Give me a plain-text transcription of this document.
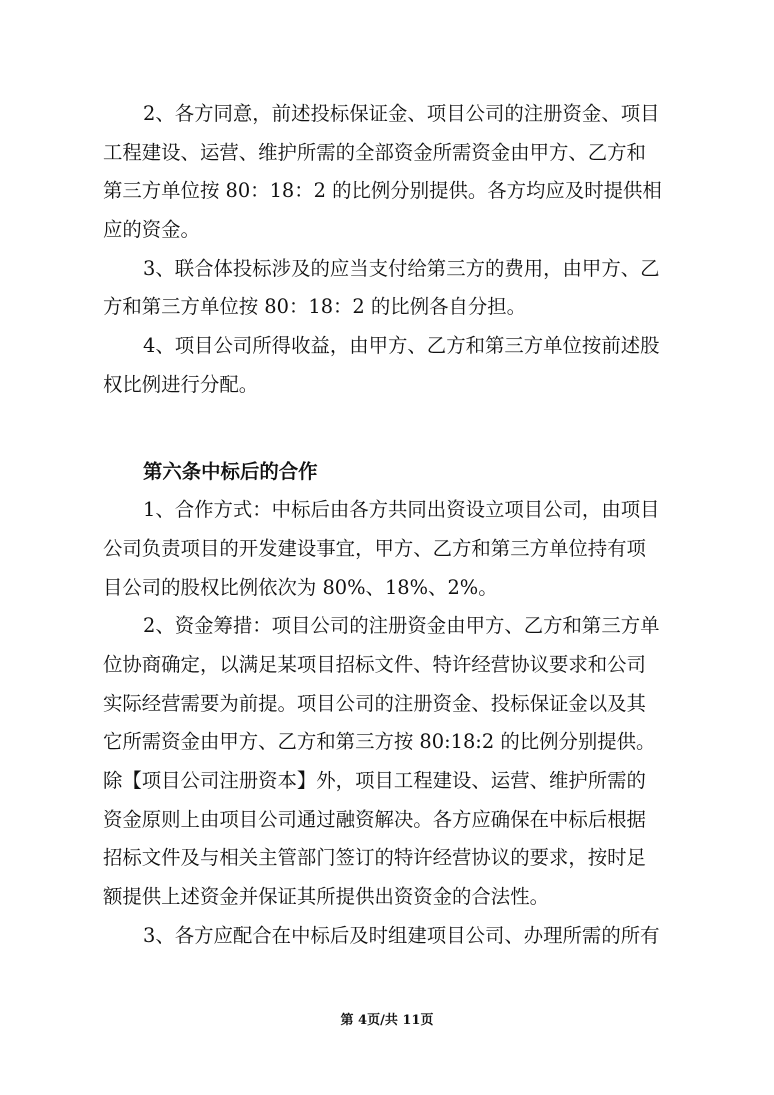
2、各方同意，前述投标保证金、项目公司的注册资金、项目
工程建设、运营、维护所需的全部资金所需资金由甲方、乙方和
第三方单位按 80：18：2 的比例分别提供。各方均应及时提供相
应的资金。
3、联合体投标涉及的应当支付给第三方的费用，由甲方、乙
方和第三方单位按 80：18：2 的比例各自分担。
4、项目公司所得收益，由甲方、乙方和第三方单位按前述股
权比例进行分配。
第六条中标后的合作
1、合作方式：中标后由各方共同出资设立项目公司，由项目
公司负责项目的开发建设事宜，甲方、乙方和第三方单位持有项
目公司的股权比例依次为 80%、18%、2%。
2、资金筹措：项目公司的注册资金由甲方、乙方和第三方单
位协商确定，以满足某项目招标文件、特许经营协议要求和公司
实际经营需要为前提。项目公司的注册资金、投标保证金以及其
它所需资金由甲方、乙方和第三方按 80:18:2 的比例分别提供。
除【项目公司注册资本】外，项目工程建设、运营、维护所需的
资金原则上由项目公司通过融资解决。各方应确保在中标后根据
招标文件及与相关主管部门签订的特许经营协议的要求，按时足
额提供上述资金并保证其所提供出资资金的合法性。
3、各方应配合在中标后及时组建项目公司、办理所需的所有
第 4页/共 11页
